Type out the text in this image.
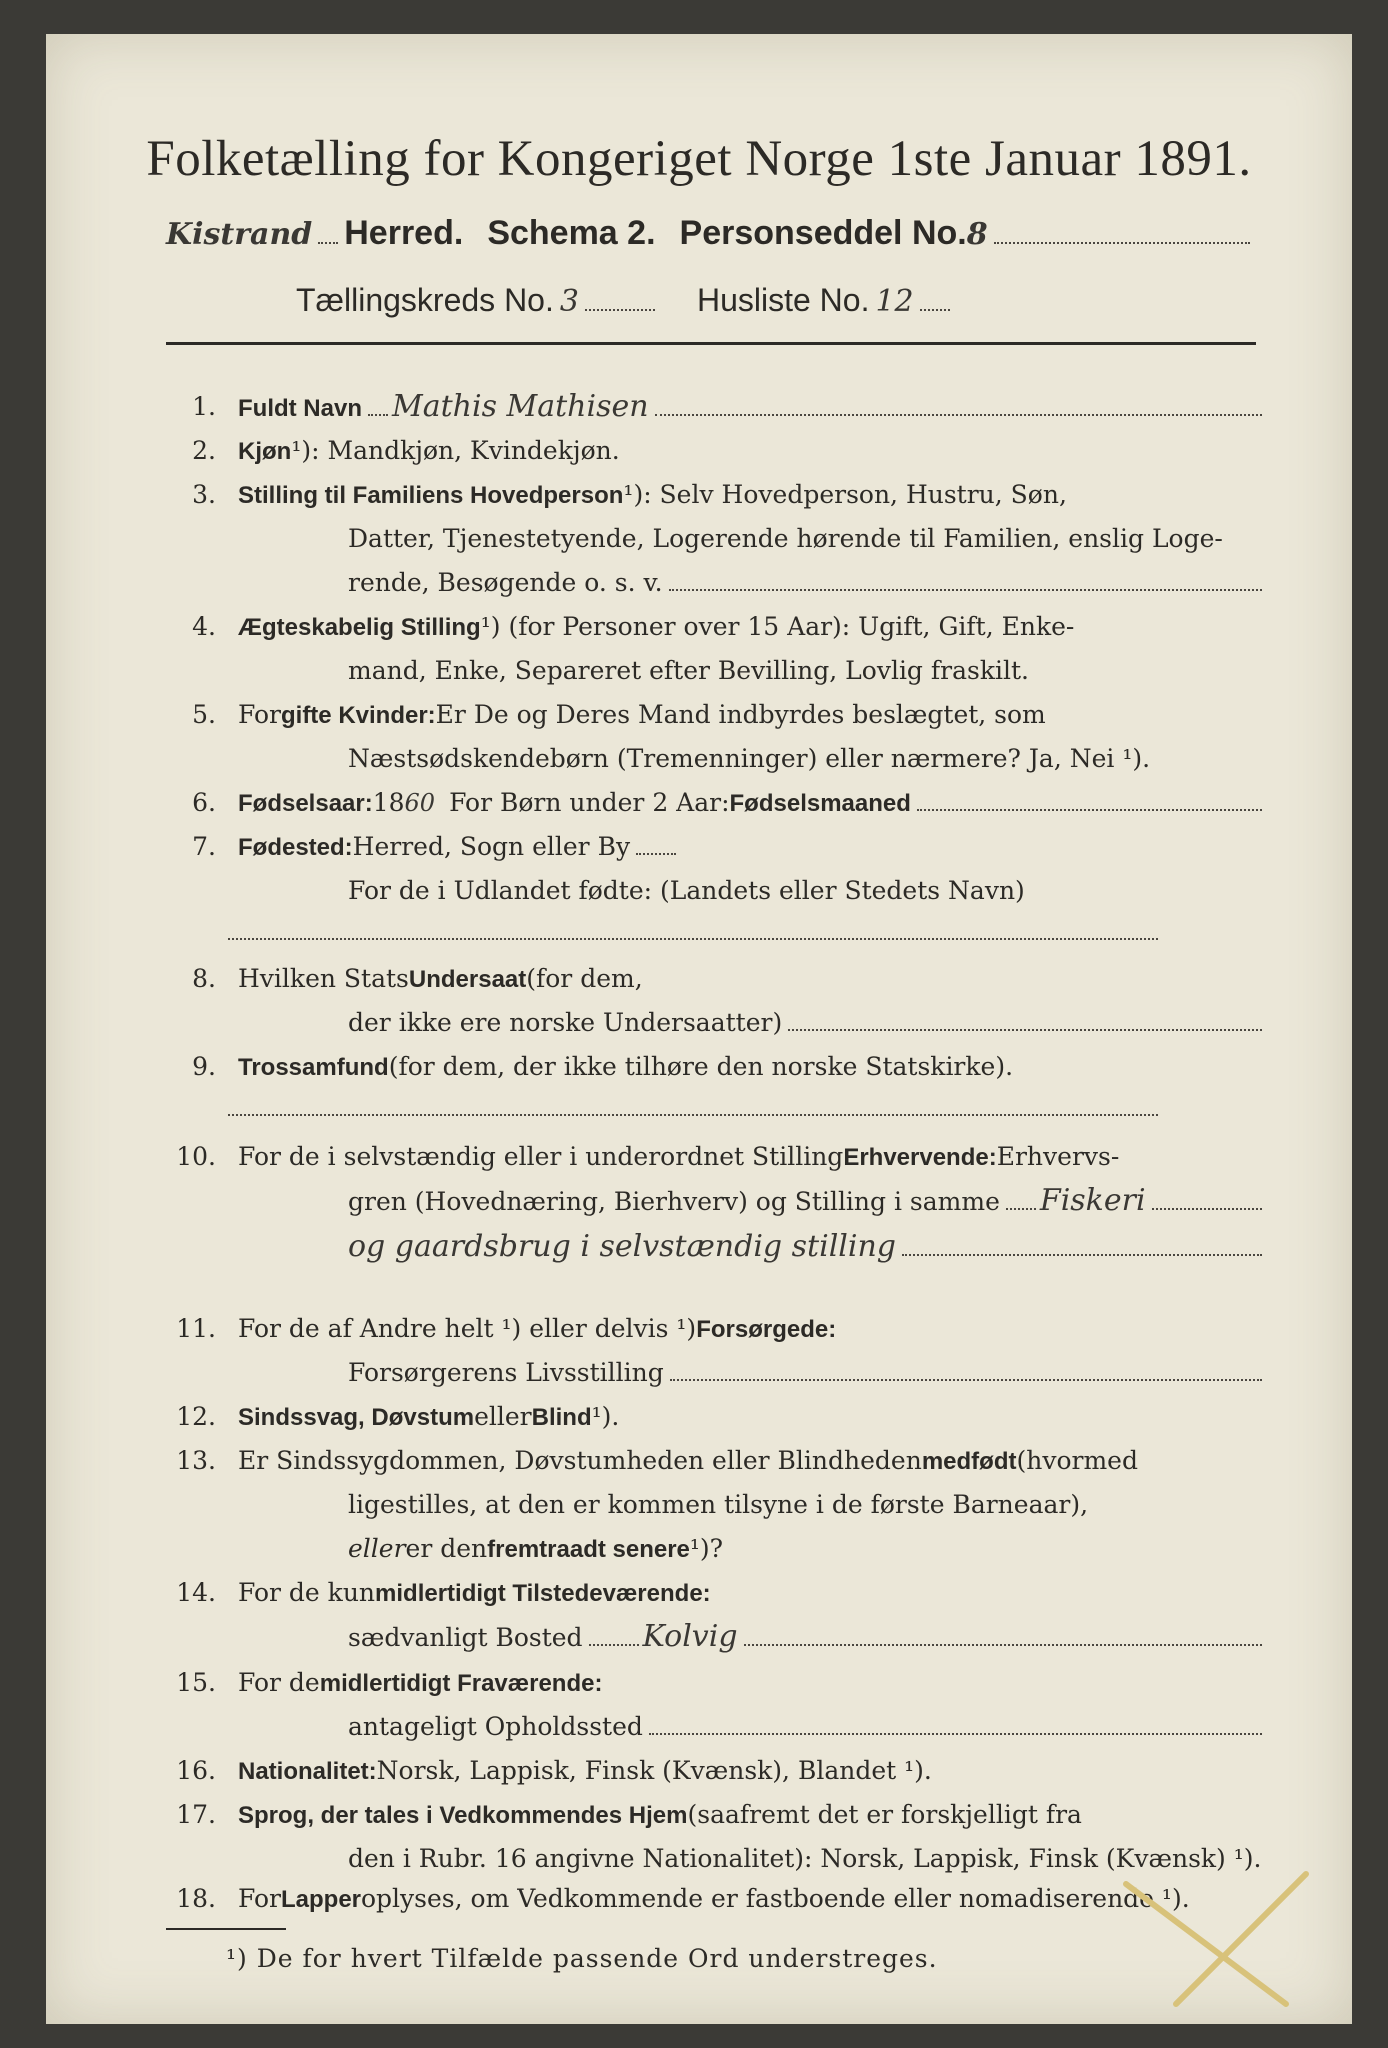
Folketælling for Kongeriget Norge 1ste Januar 1891.
Kistrand Herred. Schema 2. Personseddel No. 8
Tællingskreds No. 3	Husliste No. 12
1. Fuldt Navn Mathis Mathisen
2. Kjøn ¹ ): Mandkjøn, Kvindekjøn.
3. Stilling til Familiens Hovedperson ¹ ): Selv Hovedperson, Hustru, Søn,
Datter, Tjenestetyende, Logerende hørende til Familien, enslig Loge-
rende, Besøgende o. s. v.
4. Ægteskabelig Stilling ¹ ) (for Personer over 15 Aar): Ugift, Gift, Enke-
mand, Enke, Separeret efter Bevilling, Lovlig fraskilt.
5. For gifte Kvinder: Er De og Deres Mand indbyrdes beslægtet, som
Næstsødskendebørn (Tremenninger) eller nærmere? Ja, Nei ¹).
6. Fødselsaar: 18 60 For Børn under 2 Aar: Fødselsmaaned
7. Fødested: Herred, Sogn eller By
For de i Udlandet fødte: (Landets eller Stedets Navn)
8. Hvilken Stats Undersaat (for dem,
der ikke ere norske Undersaatter)
9. Trossamfund (for dem, der ikke tilhøre den norske Statskirke).
10. For de i selvstændig eller i underordnet Stilling Erhvervende: Erhvervs-
gren (Hovednæring, Bierhverv) og Stilling i samme Fiskeri
og gaardsbrug i selvstændig stilling
11. For de af Andre helt ¹) eller delvis ¹) Forsørgede:
Forsørgerens Livsstilling
12. Sindssvag, Døvstum eller Blind ¹).
13. Er Sindssygdommen, Døvstumheden eller Blindheden medfødt (hvormed
ligestilles, at den er kommen tilsyne i de første Barneaar),
eller er den fremtraadt senere ¹)?
14. For de kun midlertidigt Tilstedeværende:
sædvanligt Bosted Kolvig
15. For de midlertidigt Fraværende:
antageligt Opholdssted
16. Nationalitet: Norsk, Lappisk, Finsk (Kvænsk), Blandet ¹).
17. Sprog, der tales i Vedkommendes Hjem (saafremt det er forskjelligt fra
den i Rubr. 16 angivne Nationalitet): Norsk, Lappisk, Finsk (Kvænsk) ¹).
18. For Lapper oplyses, om Vedkommende er fastboende eller nomadiserende ¹).
¹) De for hvert Tilfælde passende Ord understreges.
